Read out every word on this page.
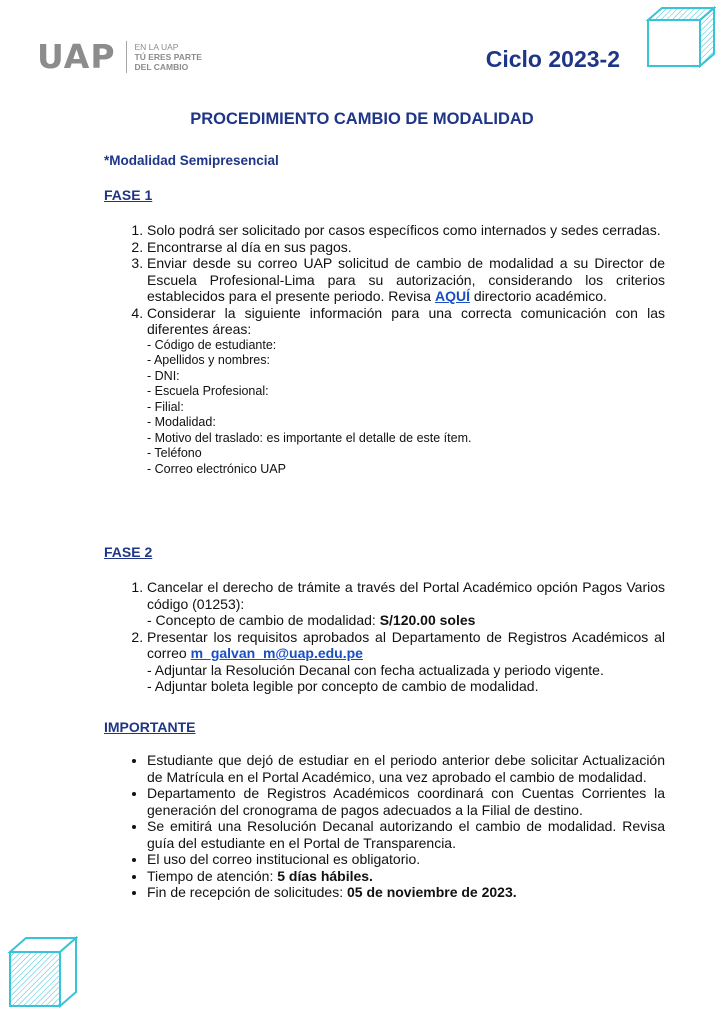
UAP EN LA UAP
TÚ ERES PARTE
DEL CAMBIO	Ciclo 2023-2
PROCEDIMIENTO CAMBIO DE MODALIDAD
*Modalidad Semipresencial
FASE 1
1. Solo podrá ser solicitado por casos específicos como internados y sedes cerradas.
2. Encontrarse al día en sus pagos.
3. Enviar desde su correo UAP solicitud de cambio de modalidad a su Director de Escuela Profesional-Lima para su autorización, considerando los criterios establecidos para el presente periodo. Revisa AQUÍ directorio académico.
4. Considerar la siguiente información para una correcta comunicación con las diferentes áreas:
- Código de estudiante:
- Apellidos y nombres:
- DNI:
- Escuela Profesional:
- Filial:
- Modalidad:
- Motivo del traslado: es importante el detalle de este ítem.
- Teléfono
- Correo electrónico UAP
FASE 2
1. Cancelar el derecho de trámite a través del Portal Académico opción Pagos Varios código (01253):
- Concepto de cambio de modalidad: S/120.00 soles
2. Presentar los requisitos aprobados al Departamento de Registros Académicos al correo m_galvan_m@uap.edu.pe
- Adjuntar la Resolución Decanal con fecha actualizada y periodo vigente.
- Adjuntar boleta legible por concepto de cambio de modalidad.
IMPORTANTE
• Estudiante que dejó de estudiar en el periodo anterior debe solicitar Actualización de Matrícula en el Portal Académico, una vez aprobado el cambio de modalidad.
• Departamento de Registros Académicos coordinará con Cuentas Corrientes la generación del cronograma de pagos adecuados a la Filial de destino.
• Se emitirá una Resolución Decanal autorizando el cambio de modalidad. Revisa guía del estudiante en el Portal de Transparencia.
• El uso del correo institucional es obligatorio.
• Tiempo de atención: 5 días hábiles.
• Fin de recepción de solicitudes: 05 de noviembre de 2023.
